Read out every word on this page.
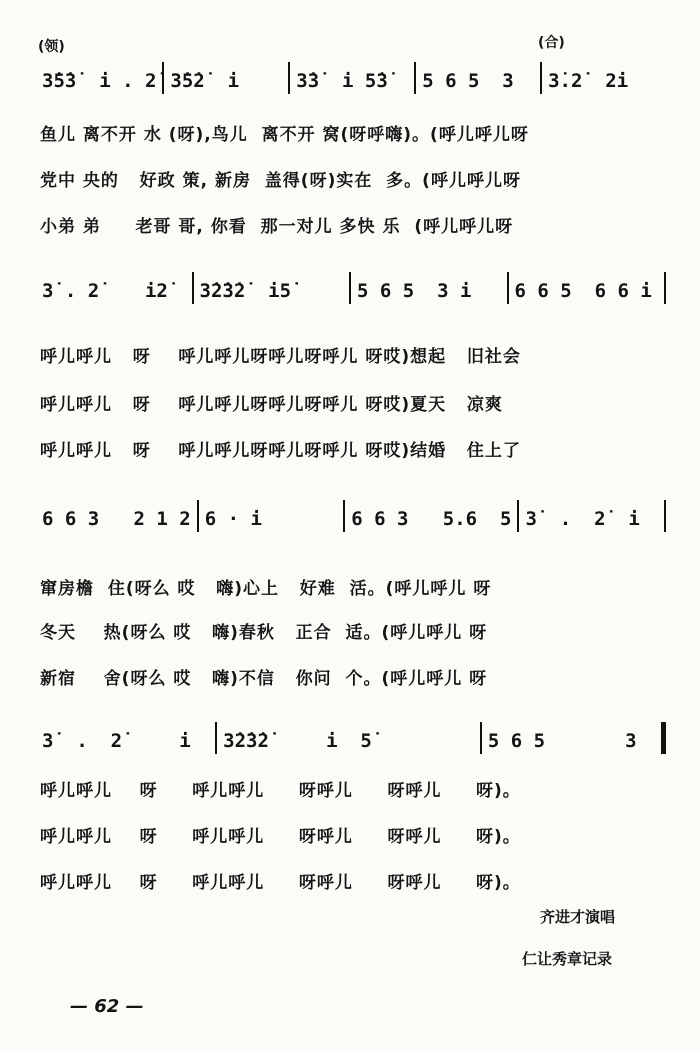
(领)	(合)
3̇5̇3̇  i . 2̇ 3̇5̇2̇  i	3̇3̇  i 5̇3̇	5 6 5  3	3̇.2̇  2̇i
鱼儿 离不开 水 (呀),鸟儿  离不开 窝(呀呼嗨)。(呼儿呼儿呀
党中 央的   好政 策, 新房  盖得(呀)实在  多。(呼儿呼儿呀
小弟 弟     老哥 哥, 你看  那一对儿 多快 乐  (呼儿呼儿呀
3̇ . 2̇    i2̇	3̇2̇3̇2̇  i5̇	5 6 5  3 i	6 6 5  6 6 i
呼儿呼儿   呀    呼儿呼儿呀呼儿呀呼儿 呀哎)想起   旧社会
呼儿呼儿   呀    呼儿呼儿呀呼儿呀呼儿 呀哎)夏天   凉爽
呼儿呼儿   呀    呼儿呼儿呀呼儿呀呼儿 呀哎)结婚   住上了
6 6 3   2 1 2 6 · i	6 6 3   5.6  5 3̇  .  2̇  i
窜房檐  住(呀么 哎   嗨)心上   好难  活。(呼儿呼儿 呀
冬天    热(呀么 哎   嗨)春秋   正合  适。(呼儿呼儿 呀
新宿    舍(呀么 哎   嗨)不信   你问  个。(呼儿呼儿 呀
3̇  .  2̇     i	3̇2̇3̇2̇     i  5̇	5 6 5       3
呼儿呼儿    呀     呼儿呼儿     呀呼儿     呀呼儿     呀)。
呼儿呼儿    呀     呼儿呼儿     呀呼儿     呀呼儿     呀)。
呼儿呼儿    呀     呼儿呼儿     呀呼儿     呀呼儿     呀)。
齐进才演唱
仁让秀章记录
— 62 —
